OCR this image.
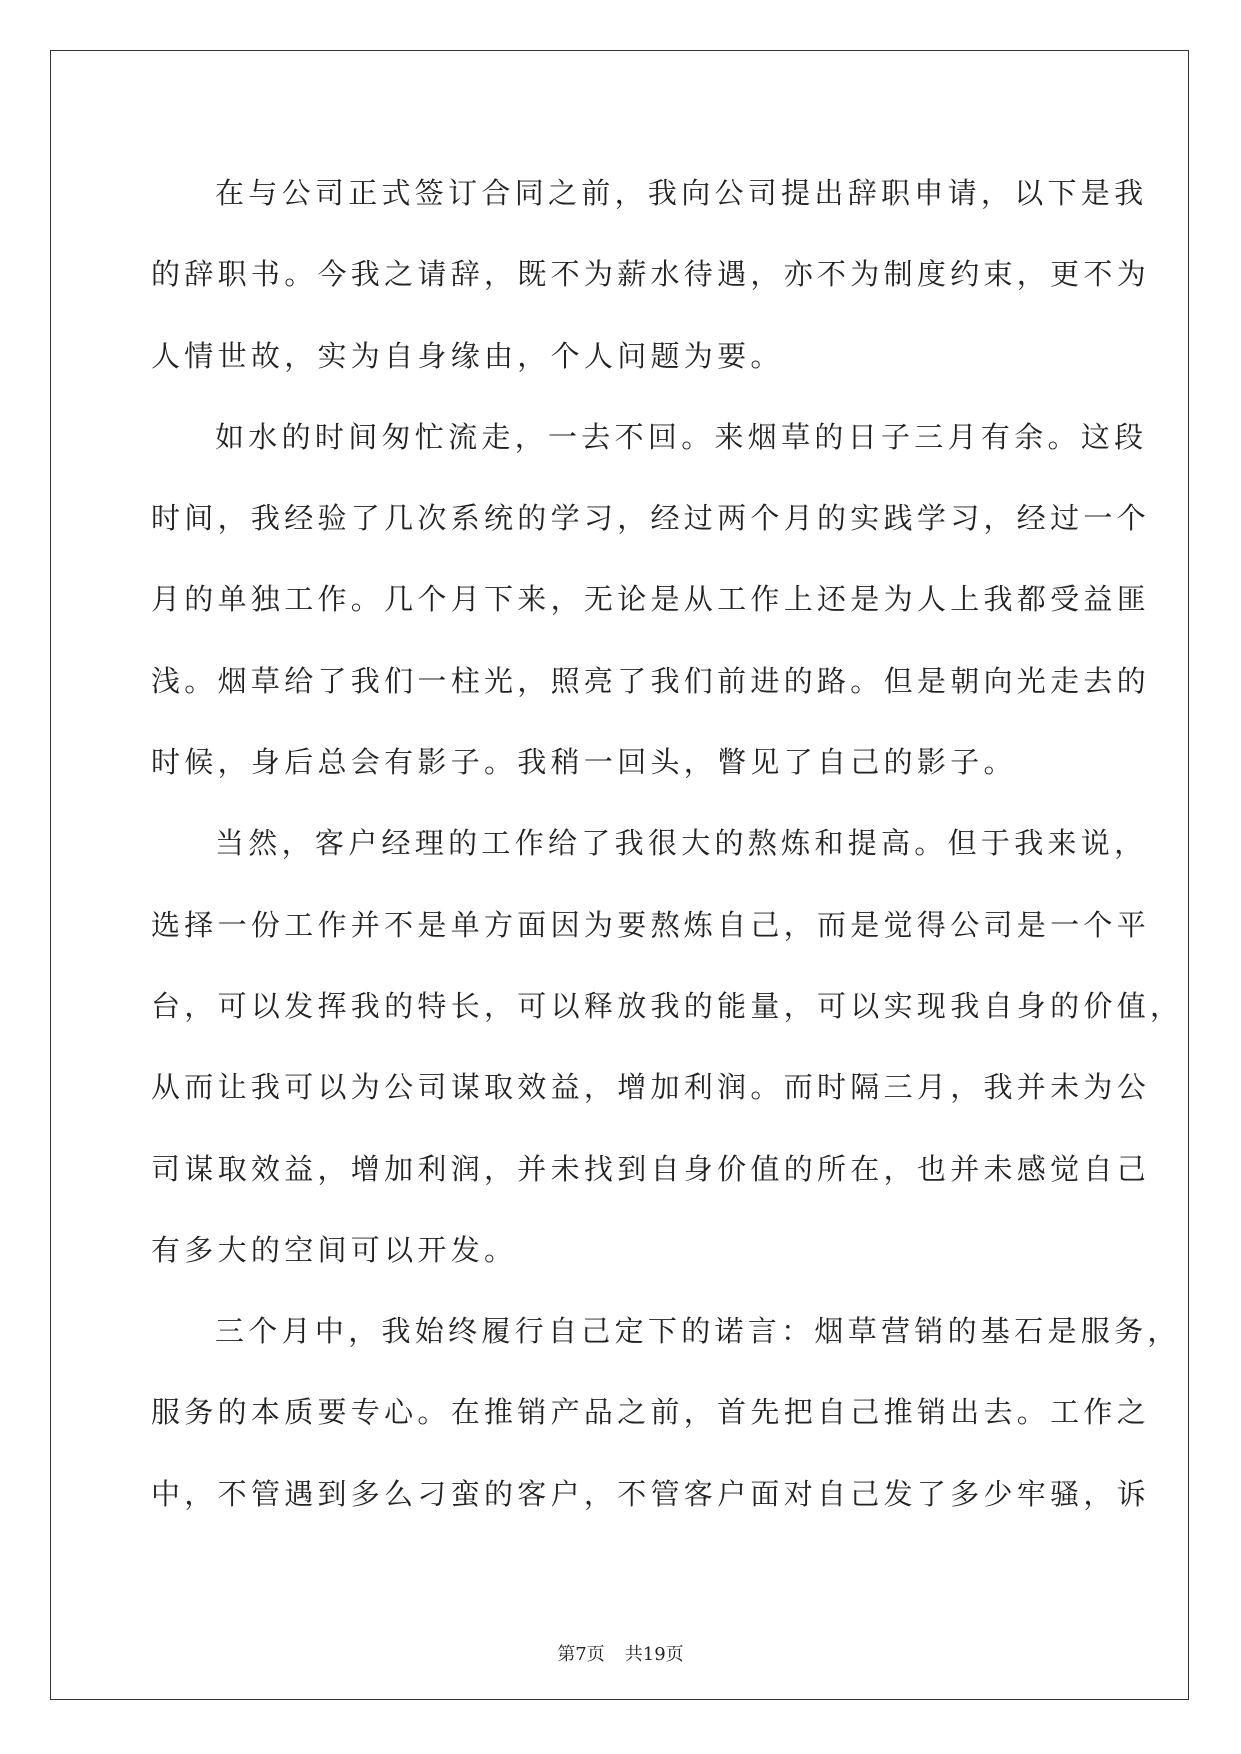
在与公司正式签订合同之前，我向公司提出辞职申请，以下是我
的辞职书。今我之请辞，既不为薪水待遇，亦不为制度约束，更不为
人情世故，实为自身缘由，个人问题为要。
如水的时间匆忙流走，一去不回。来烟草的日子三月有余。这段
时间，我经验了几次系统的学习，经过两个月的实践学习，经过一个
月的单独工作。几个月下来，无论是从工作上还是为人上我都受益匪
浅。烟草给了我们一柱光，照亮了我们前进的路。但是朝向光走去的
时候，身后总会有影子。我稍一回头，瞥见了自己的影子。
当然，客户经理的工作给了我很大的熬炼和提高。但于我来说，
选择一份工作并不是单方面因为要熬炼自己，而是觉得公司是一个平
台，可以发挥我的特长，可以释放我的能量，可以实现我自身的价值，
从而让我可以为公司谋取效益，增加利润。而时隔三月，我并未为公
司谋取效益，增加利润，并未找到自身价值的所在，也并未感觉自己
有多大的空间可以开发。
三个月中，我始终履行自己定下的诺言：烟草营销的基石是服务，
服务的本质要专心。在推销产品之前，首先把自己推销出去。工作之
中，不管遇到多么刁蛮的客户，不管客户面对自己发了多少牢骚，诉
第7页 共19页
